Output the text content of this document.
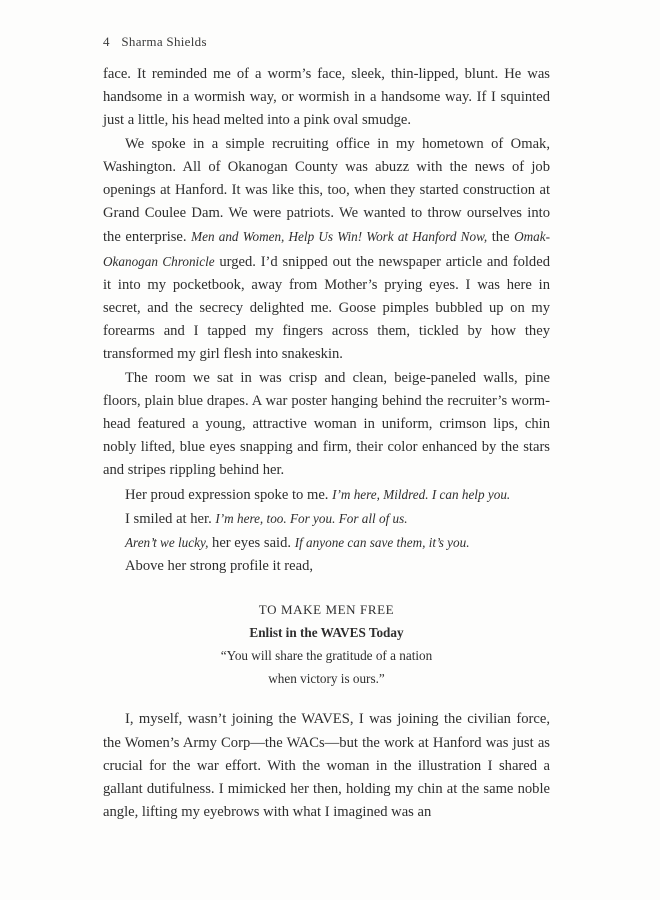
4 Sharma Shields

face. It reminded me of a worm’s face, sleek, thin-lipped, blunt. He was handsome in a wormish way, or wormish in a handsome way. If I squinted just a little, his head melted into a pink oval smudge.

We spoke in a simple recruiting office in my hometown of Omak, Washington. All of Okanogan County was abuzz with the news of job openings at Hanford. It was like this, too, when they started construction at Grand Coulee Dam. We were patriots. We wanted to throw ourselves into the enterprise. Men and Women, Help Us Win! Work at Hanford Now, the Omak-Okanogan Chronicle urged. I’d snipped out the newspaper article and folded it into my pocketbook, away from Mother’s prying eyes. I was here in secret, and the secrecy delighted me. Goose pimples bubbled up on my forearms and I tapped my fingers across them, tickled by how they transformed my girl flesh into snakeskin.

The room we sat in was crisp and clean, beige-paneled walls, pine floors, plain blue drapes. A war poster hanging behind the recruiter’s worm-head featured a young, attractive woman in uniform, crimson lips, chin nobly lifted, blue eyes snapping and firm, their color enhanced by the stars and stripes rippling behind her.

Her proud expression spoke to me. I’m here, Mildred. I can help you.

I smiled at her. I’m here, too. For you. For all of us.

Aren’t we lucky, her eyes said. If anyone can save them, it’s you.

Above her strong profile it read,

TO MAKE MEN FREE
Enlist in the WAVES Today
“You will share the gratitude of a nation
when victory is ours.”

I, myself, wasn’t joining the WAVES, I was joining the civilian force, the Women’s Army Corp—the WACs—but the work at Hanford was just as crucial for the war effort. With the woman in the illustration I shared a gallant dutifulness. I mimicked her then, holding my chin at the same noble angle, lifting my eyebrows with what I imagined was an
